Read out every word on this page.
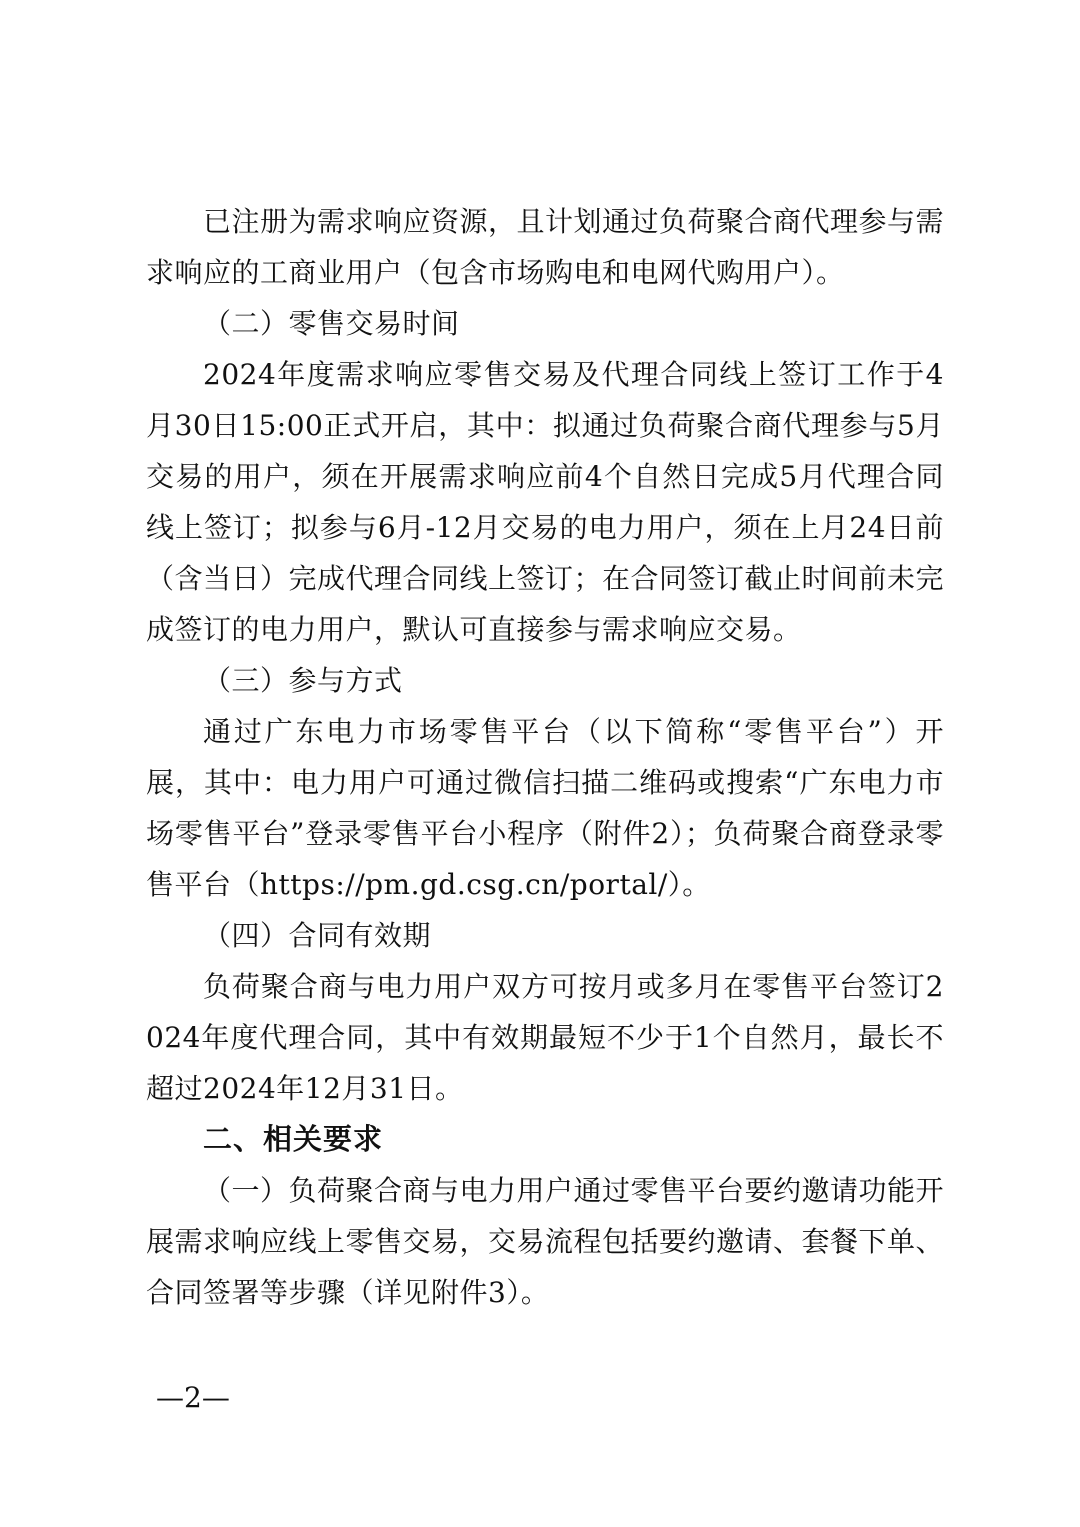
已注册为需求响应资源，且计划通过负荷聚合商代理参与需求响应的工商业用户（包含市场购电和电网代购用户）。

（二）零售交易时间

2024年度需求响应零售交易及代理合同线上签订工作于4月30日15:00正式开启，其中：拟通过负荷聚合商代理参与5月交易的用户，须在开展需求响应前4个自然日完成5月代理合同线上签订；拟参与6月-12月交易的电力用户，须在上月24日前（含当日）完成代理合同线上签订；在合同签订截止时间前未完成签订的电力用户，默认可直接参与需求响应交易。

（三）参与方式

通过广东电力市场零售平台（以下简称“零售平台”）开展，其中：电力用户可通过微信扫描二维码或搜索“广东电力市场零售平台”登录零售平台小程序（附件2）；负荷聚合商登录零售平台（https://pm.gd.csg.cn/portal/）。

（四）合同有效期

负荷聚合商与电力用户双方可按月或多月在零售平台签订2024年度代理合同，其中有效期最短不少于1个自然月，最长不超过2024年12月31日。

二、相关要求

（一）负荷聚合商与电力用户通过零售平台要约邀请功能开展需求响应线上零售交易，交易流程包括要约邀请、套餐下单、合同签署等步骤（详见附件3）。

—2—
